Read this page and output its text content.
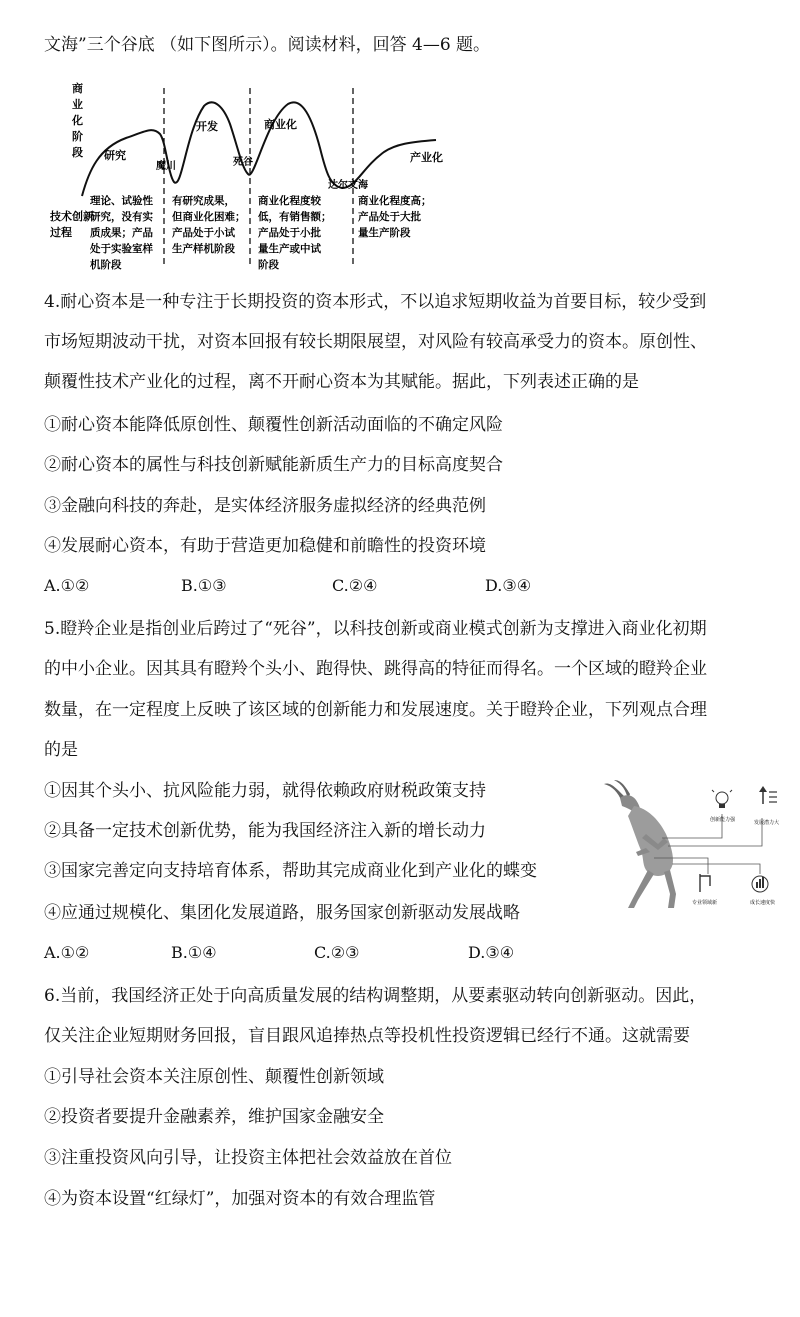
文海”三个谷底 （如下图所示）。阅读材料，回答 4—6 题。
商
业
化
阶
段 研究
开发	商业化
产业化
魔川	死谷
达尔文海
技术创新
过程
理论、试验性
研究，没有实
质成果；产品
处于实验室样
机阶段
有研究成果，
但商业化困难；
产品处于小试
生产样机阶段
商业化程度较
低，有销售额；
产品处于小批
量生产或中试
阶段
商业化程度高；
产品处于大批
量生产阶段
4.耐心资本是一种专注于长期投资的资本形式，不以追求短期收益为首要目标，较少受到
市场短期波动干扰，对资本回报有较长期限展望，对风险有较高承受力的资本。原创性、
颠覆性技术产业化的过程，离不开耐心资本为其赋能。据此，下列表述正确的是
①耐心资本能降低原创性、颠覆性创新活动面临的不确定风险
②耐心资本的属性与科技创新赋能新质生产力的目标高度契合
③金融向科技的奔赴，是实体经济服务虚拟经济的经典范例
④发展耐心资本，有助于营造更加稳健和前瞻性的投资环境
A.①②	B.①③	C.②④	D.③④
5.瞪羚企业是指创业后跨过了“死谷”，以科技创新或商业模式创新为支撑进入商业化初期
的中小企业。因其具有瞪羚个头小、跑得快、跳得高的特征而得名。一个区域的瞪羚企业
数量，在一定程度上反映了该区域的创新能力和发展速度。关于瞪羚企业，下列观点合理
的是
①因其个头小、抗风险能力弱，就得依赖政府财税政策支持
②具备一定技术创新优势，能为我国经济注入新的增长动力
③国家完善定向支持培育体系，帮助其完成商业化到产业化的蝶变
④应通过规模化、集团化发展道路，服务国家创新驱动发展战略
A.①②	B.①④	C.②③	D.③④
创新能力强	发展潜力大
专业领域新	成长速度快
6.当前，我国经济正处于向高质量发展的结构调整期，从要素驱动转向创新驱动。因此，
仅关注企业短期财务回报，盲目跟风追捧热点等投机性投资逻辑已经行不通。这就需要
①引导社会资本关注原创性、颠覆性创新领域
②投资者要提升金融素养，维护国家金融安全
③注重投资风向引导，让投资主体把社会效益放在首位
④为资本设置“红绿灯”，加强对资本的有效合理监管
